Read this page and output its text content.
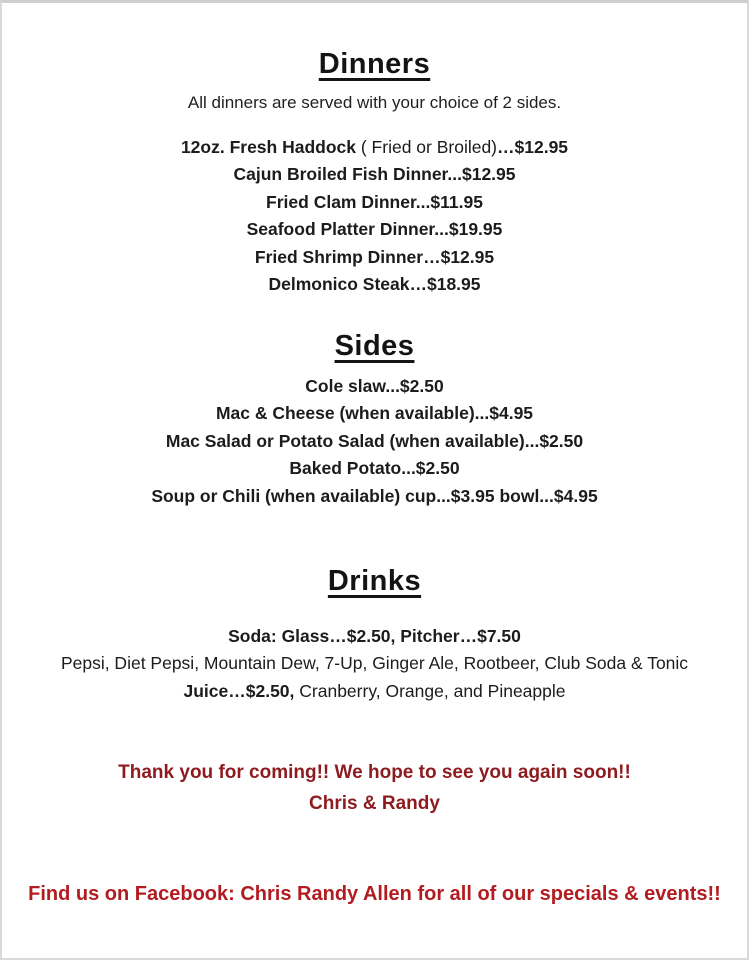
Dinners

All dinners are served with your choice of 2 sides.

12oz. Fresh Haddock ( Fried or Broiled)…$12.95
Cajun Broiled Fish Dinner...$12.95
Fried Clam Dinner...$11.95
Seafood Platter Dinner...$19.95
Fried Shrimp Dinner…$12.95
Delmonico Steak…$18.95
Sides
Cole slaw...$2.50
Mac & Cheese (when available)...$4.95
Mac Salad or Potato Salad (when available)...$2.50
Baked Potato...$2.50
Soup or Chili (when available) cup...$3.95 bowl...$4.95
Drinks
Soda: Glass…$2.50, Pitcher…$7.50
Pepsi, Diet Pepsi, Mountain Dew, 7-Up, Ginger Ale, Rootbeer, Club Soda & Tonic
Juice…$2.50, Cranberry, Orange, and Pineapple
Thank you for coming!! We hope to see you again soon!!
Chris & Randy
Find us on Facebook: Chris Randy Allen for all of our specials & events!!
